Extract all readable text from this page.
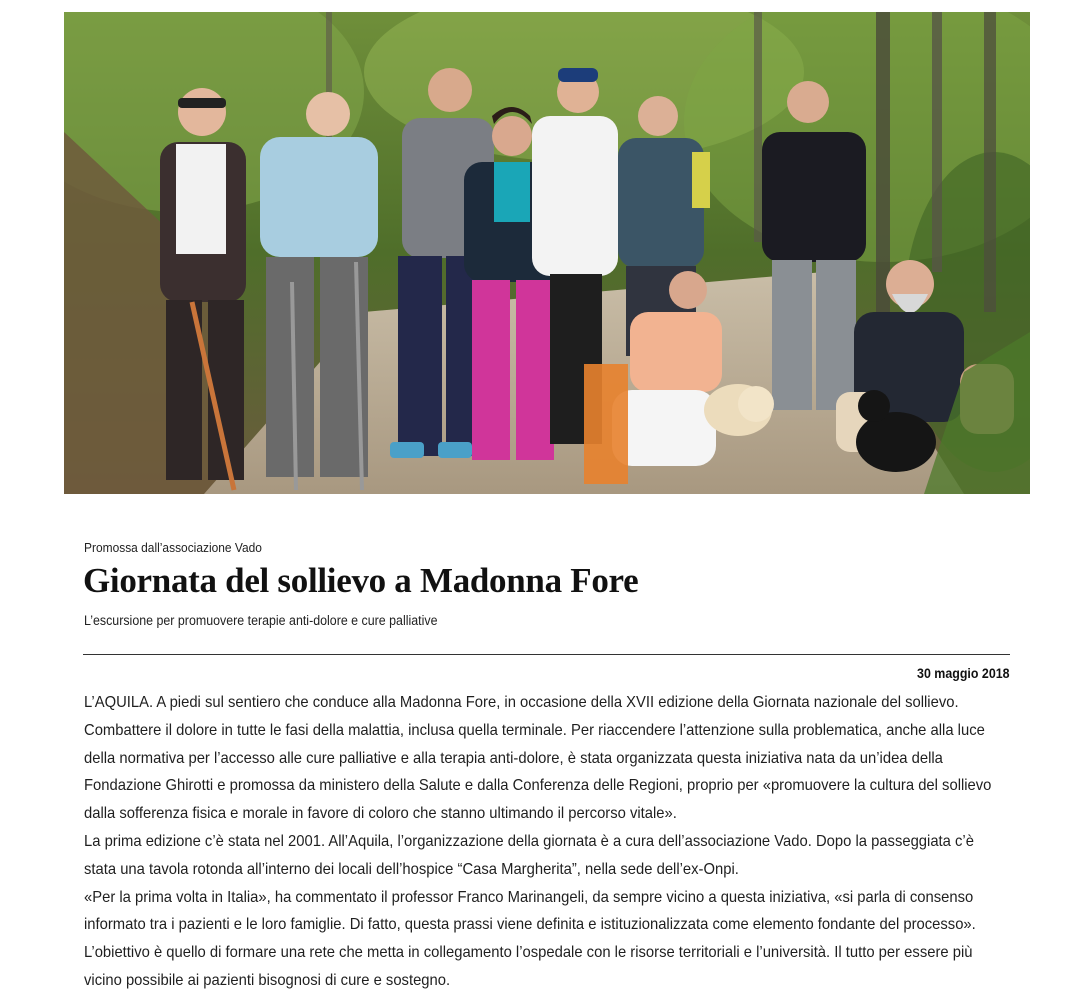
Promossa dall’associazione Vado
Giornata del sollievo a Madonna Fore
L’escursione per promuovere terapie anti-dolore e cure palliative
30 maggio 2018

L’AQUILA. A piedi sul sentiero che conduce alla Madonna Fore, in occasione della XVII edizione della Giornata nazionale del sollievo. Combattere il dolore in tutte le fasi della malattia, inclusa quella terminale. Per riaccendere l’attenzione sulla problematica, anche alla luce della normativa per l’accesso alle cure palliative e alla terapia anti-dolore, è stata organizzata questa iniziativa nata da un’idea della Fondazione Ghirotti e promossa da ministero della Salute e dalla Conferenza delle Regioni, proprio per «promuovere la cultura del sollievo dalla sofferenza fisica e morale in favore di coloro che stanno ultimando il percorso vitale».

La prima edizione c’è stata nel 2001. All’Aquila, l’organizzazione della giornata è a cura dell’associazione Vado. Dopo la passeggiata c’è stata una tavola rotonda all’interno dei locali dell’hospice “Casa Margherita”, nella sede dell’ex-Onpi.

«Per la prima volta in Italia», ha commentato il professor Franco Marinangeli, da sempre vicino a questa iniziativa, «si parla di consenso informato tra i pazienti e le loro famiglie. Di fatto, questa prassi viene definita e istituzionalizzata come elemento fondante del processo».

L’obiettivo è quello di formare una rete che metta in collegamento l’ospedale con le risorse territoriali e l’università. Il tutto per essere più vicino possibile ai pazienti bisognosi di cure e sostegno.
